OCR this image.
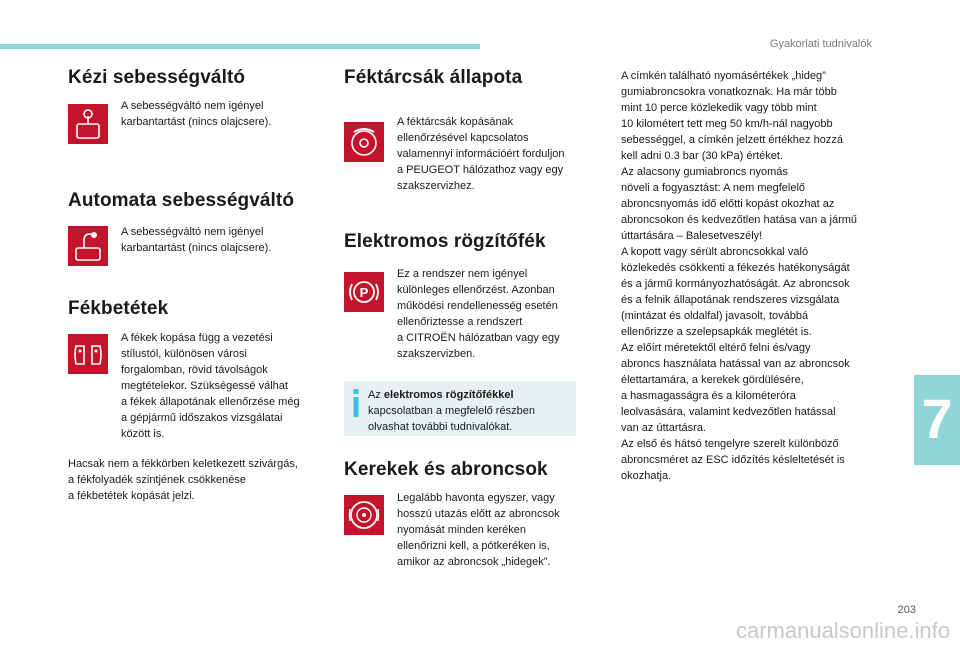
Gyakorlati tudnivalók
Kézi sebességváltó

A sebességváltó nem igényel

karbantartást (nincs olajcsere).

Automata sebességváltó

A sebességváltó nem igényel

karbantartást (nincs olajcsere).

Fékbetétek

A fékek kopása függ a vezetési

stílustól, különösen városi

forgalomban, rövid távolságok

megtételekor. Szükségessé válhat

a fékek állapotának ellenőrzése még

a gépjármű időszakos vizsgálatai

között is.

Hacsak nem a fékkörben keletkezett szivárgás,

a fékfolyadék szintjének csökkenése

a fékbetétek kopását jelzi.

Féktárcsák állapota

A féktárcsák kopásának

ellenőrzésével kapcsolatos

valamennyi információért forduljon

a PEUGEOT hálózathoz vagy egy

szakszervizhez.

Elektromos rögzítőfék
P

Ez a rendszer nem igényel

különleges ellenőrzést. Azonban

működési rendellenesség esetén

ellenőriztesse a rendszert

a CITROËN hálózatban vagy egy

szakszervizben.

Az elektromos rögzítőfékkel

kapcsolatban a megfelelő részben

olvashat további tudnivalókat.

Kerekek és abroncsok

Legalább havonta egyszer, vagy

hosszú utazás előtt az abroncsok

nyomását minden keréken

ellenőrizni kell, a pótkeréken is,

amikor az abroncsok „hidegek”.

A címkén található nyomásértékek „hideg”

gumiabroncsokra vonatkoznak. Ha már több

mint 10 perce közlekedik vagy több mint

10 kilométert tett meg 50 km/h-nál nagyobb

sebességgel, a címkén jelzett értékhez hozzá

kell adni 0.3 bar (30 kPa) értéket.

Az alacsony gumiabroncs nyomás

növeli a fogyasztást: A nem megfelelő

abroncsnyomás idő előtti kopást okozhat az

abroncsokon és kedvezőtlen hatása van a jármű

úttartására – Balesetveszély!

A kopott vagy sérült abroncsokkal való

közlekedés csökkenti a fékezés hatékonyságát

és a jármű kormányozhatóságát. Az abroncsok

és a felnik állapotának rendszeres vizsgálata

(mintázat és oldalfal) javasolt, továbbá

ellenőrizze a szelepsapkák meglétét is.

Az előírt méretektől eltérő felni és/vagy

abroncs használata hatással van az abroncsok

élettartamára, a kerekek gördülésére,

a hasmagasságra és a kilométeróra

leolvasására, valamint kedvezőtlen hatással

van az úttartásra.

Az első és hátsó tengelyre szerelt különböző

abroncsméret az ESC időzítés késleltetését is

okozhatja.

7
203
carmanualsonline.info
